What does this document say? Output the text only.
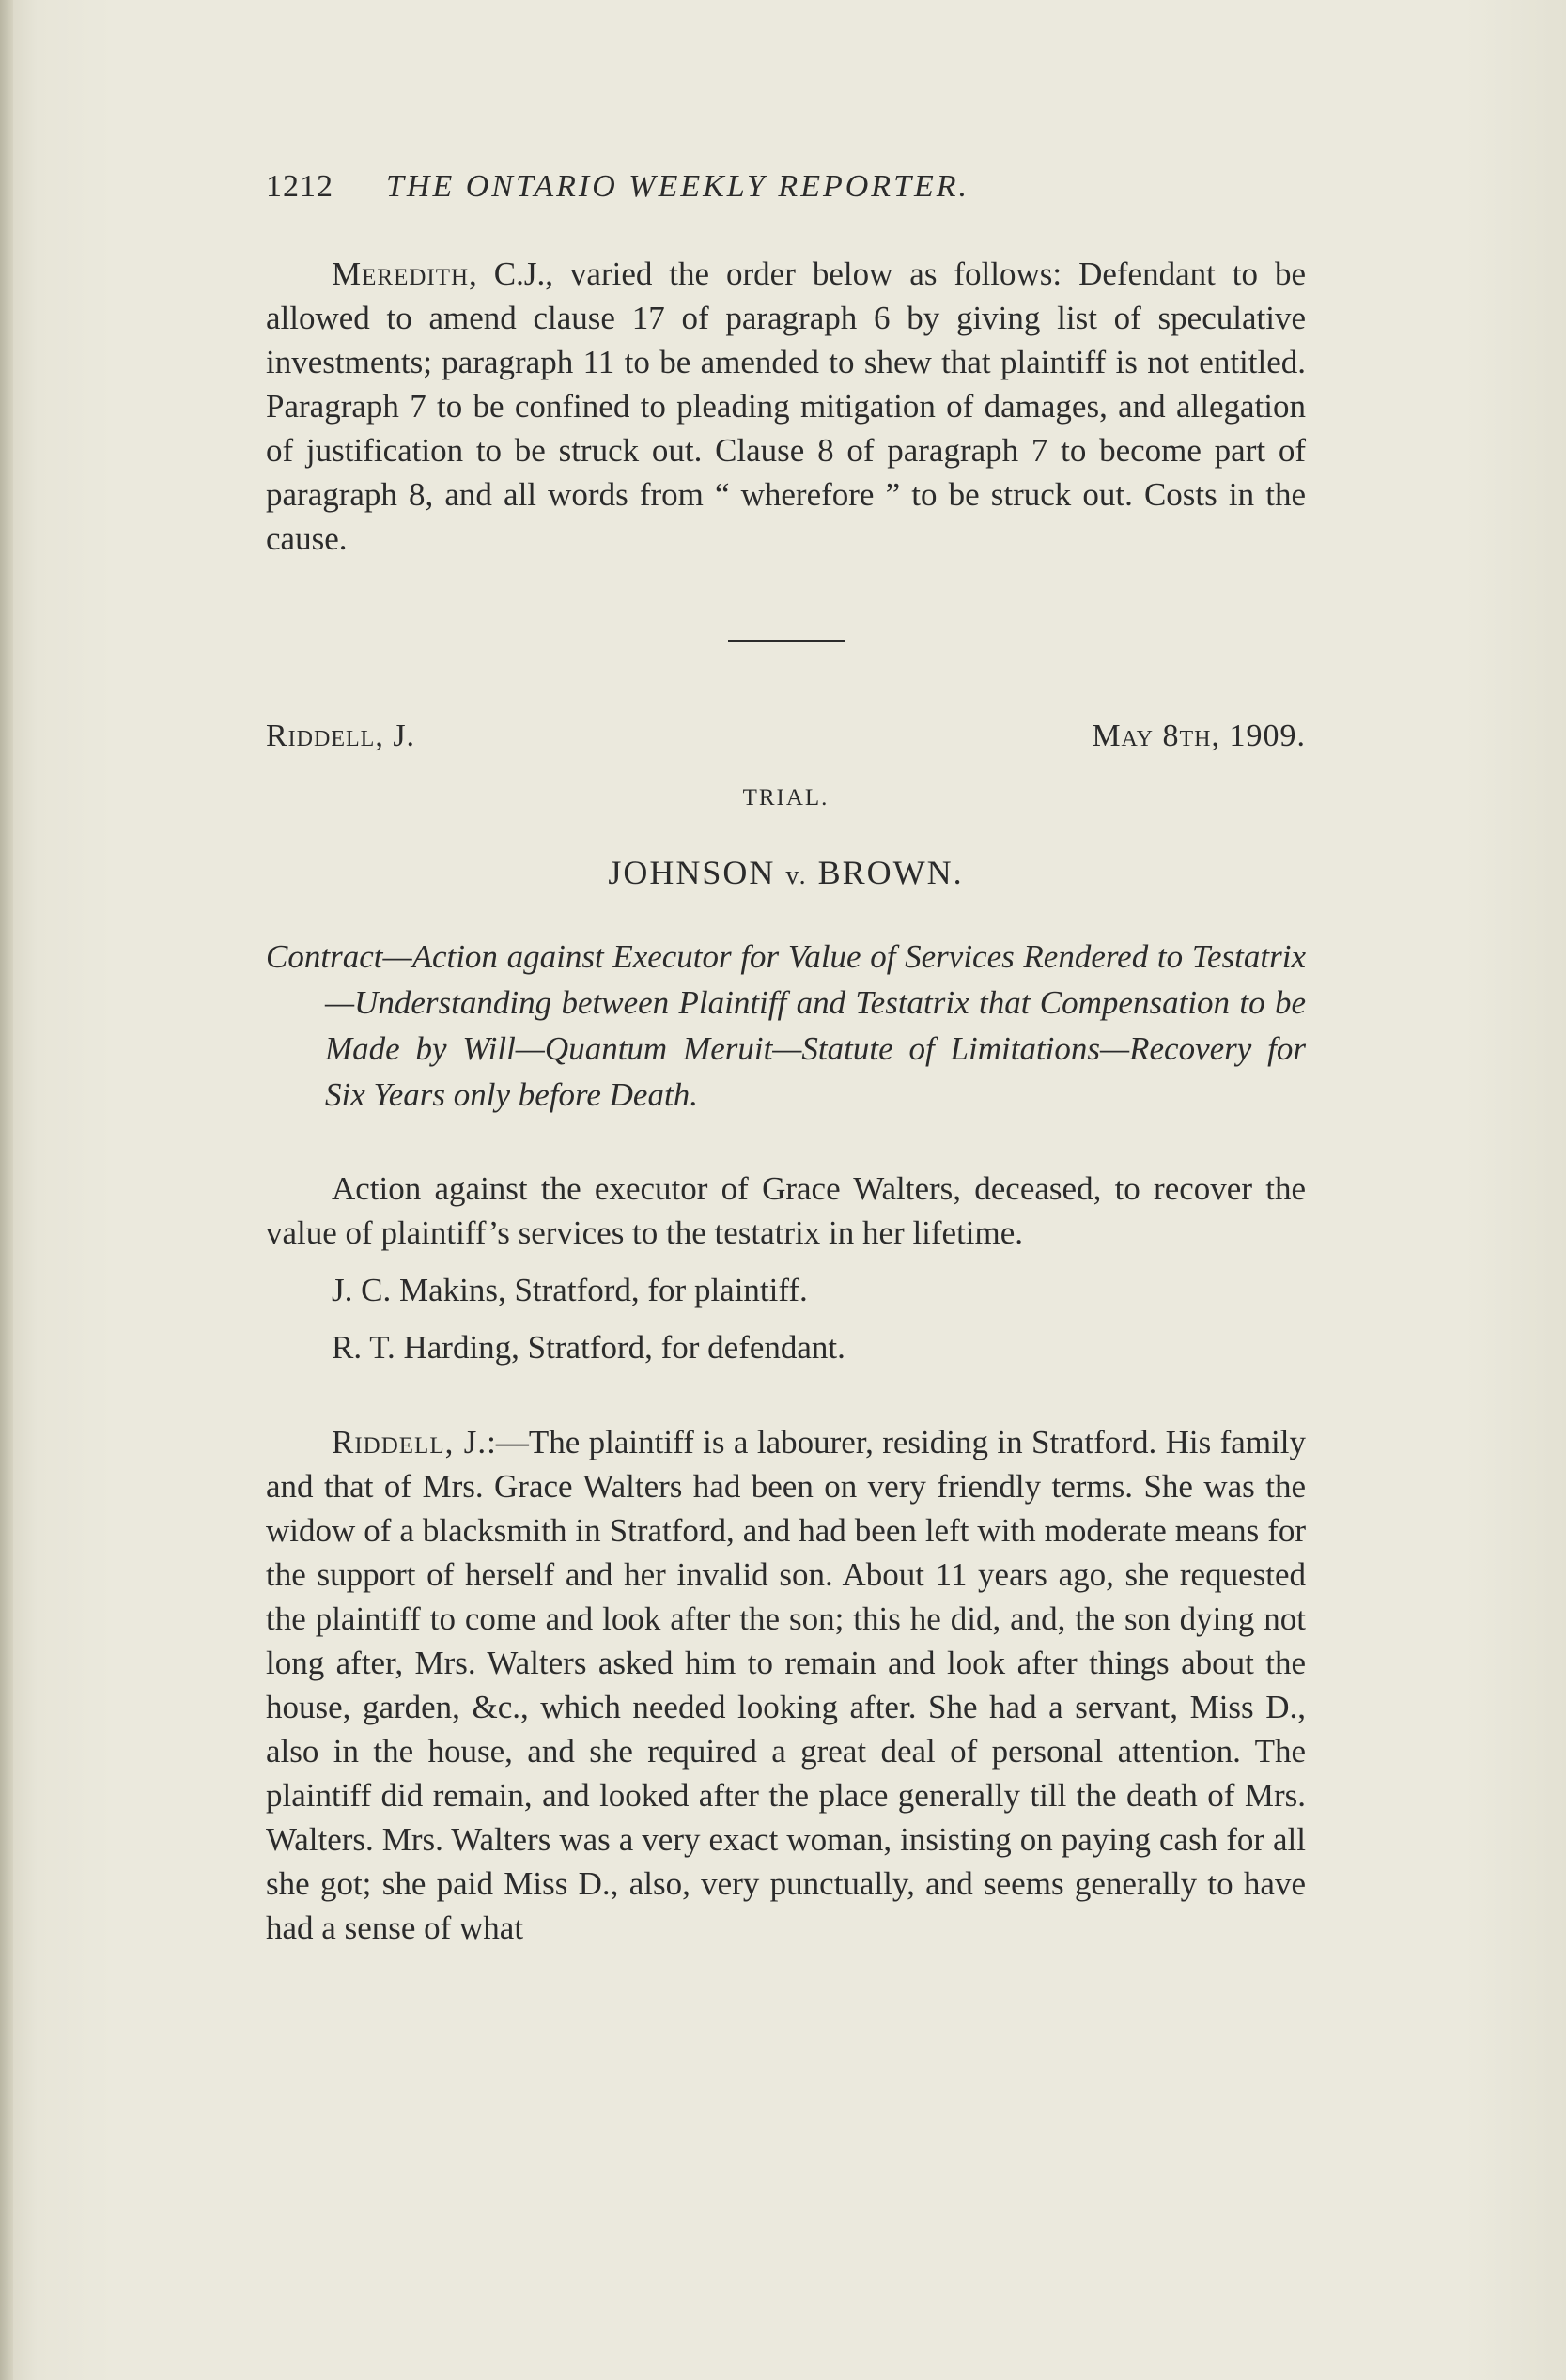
1212	THE ONTARIO WEEKLY REPORTER.

Meredith, C.J., varied the order below as follows: Defendant to be allowed to amend clause 17 of paragraph 6 by giving list of speculative investments; paragraph 11 to be amended to shew that plaintiff is not entitled. Paragraph 7 to be confined to pleading mitigation of damages, and allegation of justification to be struck out. Clause 8 of paragraph 7 to become part of paragraph 8, and all words from “ wherefore ” to be struck out. Costs in the cause.

Riddell, J.	May 8th, 1909.
TRIAL.
JOHNSON v. BROWN.

Contract—Action against Executor for Value of Services Rendered to Testatrix—Understanding between Plaintiff and Testatrix that Compensation to be Made by Will—Quantum Meruit—Statute of Limitations—Recovery for Six Years only before Death.

Action against the executor of Grace Walters, deceased, to recover the value of plaintiff’s services to the testatrix in her lifetime.

J. C. Makins, Stratford, for plaintiff.

R. T. Harding, Stratford, for defendant.

Riddell, J.:—The plaintiff is a labourer, residing in Stratford. His family and that of Mrs. Grace Walters had been on very friendly terms. She was the widow of a blacksmith in Stratford, and had been left with moderate means for the support of herself and her invalid son. About 11 years ago, she requested the plaintiff to come and look after the son; this he did, and, the son dying not long after, Mrs. Walters asked him to remain and look after things about the house, garden, &c., which needed looking after. She had a servant, Miss D., also in the house, and she required a great deal of personal attention. The plaintiff did remain, and looked after the place generally till the death of Mrs. Walters. Mrs. Walters was a very exact woman, insisting on paying cash for all she got; she paid Miss D., also, very punctually, and seems generally to have had a sense of what
